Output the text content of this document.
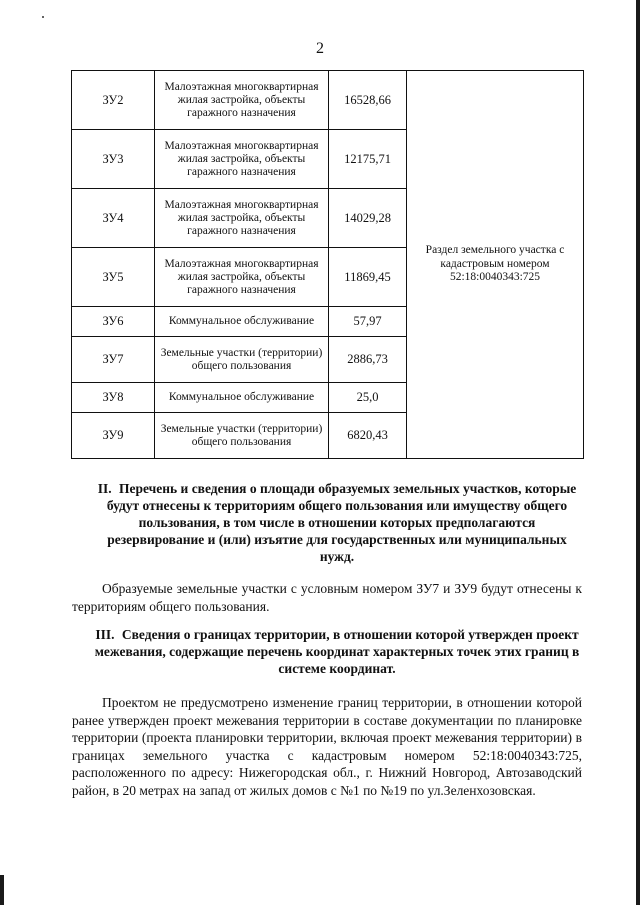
2
ЗУ2	Малоэтажная многоквартирная жилая застройка, объекты гаражного назначения	16528,66	Раздел земельного участка с кадастровым номером 52:18:0040343:725
ЗУ3	Малоэтажная многоквартирная жилая застройка, объекты гаражного назначения	12175,71	
ЗУ4	Малоэтажная многоквартирная жилая застройка, объекты гаражного назначения	14029,28	
ЗУ5	Малоэтажная многоквартирная жилая застройка, объекты гаражного назначения	11869,45	
ЗУ6	Коммунальное обслуживание	57,97	
ЗУ7	Земельные участки (территории) общего пользования	2886,73	
ЗУ8	Коммунальное обслуживание	25,0	
ЗУ9	Земельные участки (территории) общего пользования	6820,43	
II. Перечень и сведения о площади образуемых земельных участков, которые будут отнесены к территориям общего пользования или имуществу общего пользования, в том числе в отношении которых предполагаются резервирование и (или) изъятие для государственных или муниципальных нужд.
Образуемые земельные участки с условным номером ЗУ7 и ЗУ9 будут отнесены к территориям общего пользования.
III. Сведения о границах территории, в отношении которой утвержден проект межевания, содержащие перечень координат характерных точек этих границ в системе координат.
Проектом не предусмотрено изменение границ территории, в отношении которой ранее утвержден проект межевания территории в составе документации по планировке территории (проекта планировки территории, включая проект межевания территории) в границах земельного участка с кадастровым номером 52:18:0040343:725, расположенного по адресу: Нижегородская обл., г. Нижний Новгород, Автозаводский район, в 20 метрах на запад от жилых домов с №1 по №19 по ул.Зеленхозовская.
